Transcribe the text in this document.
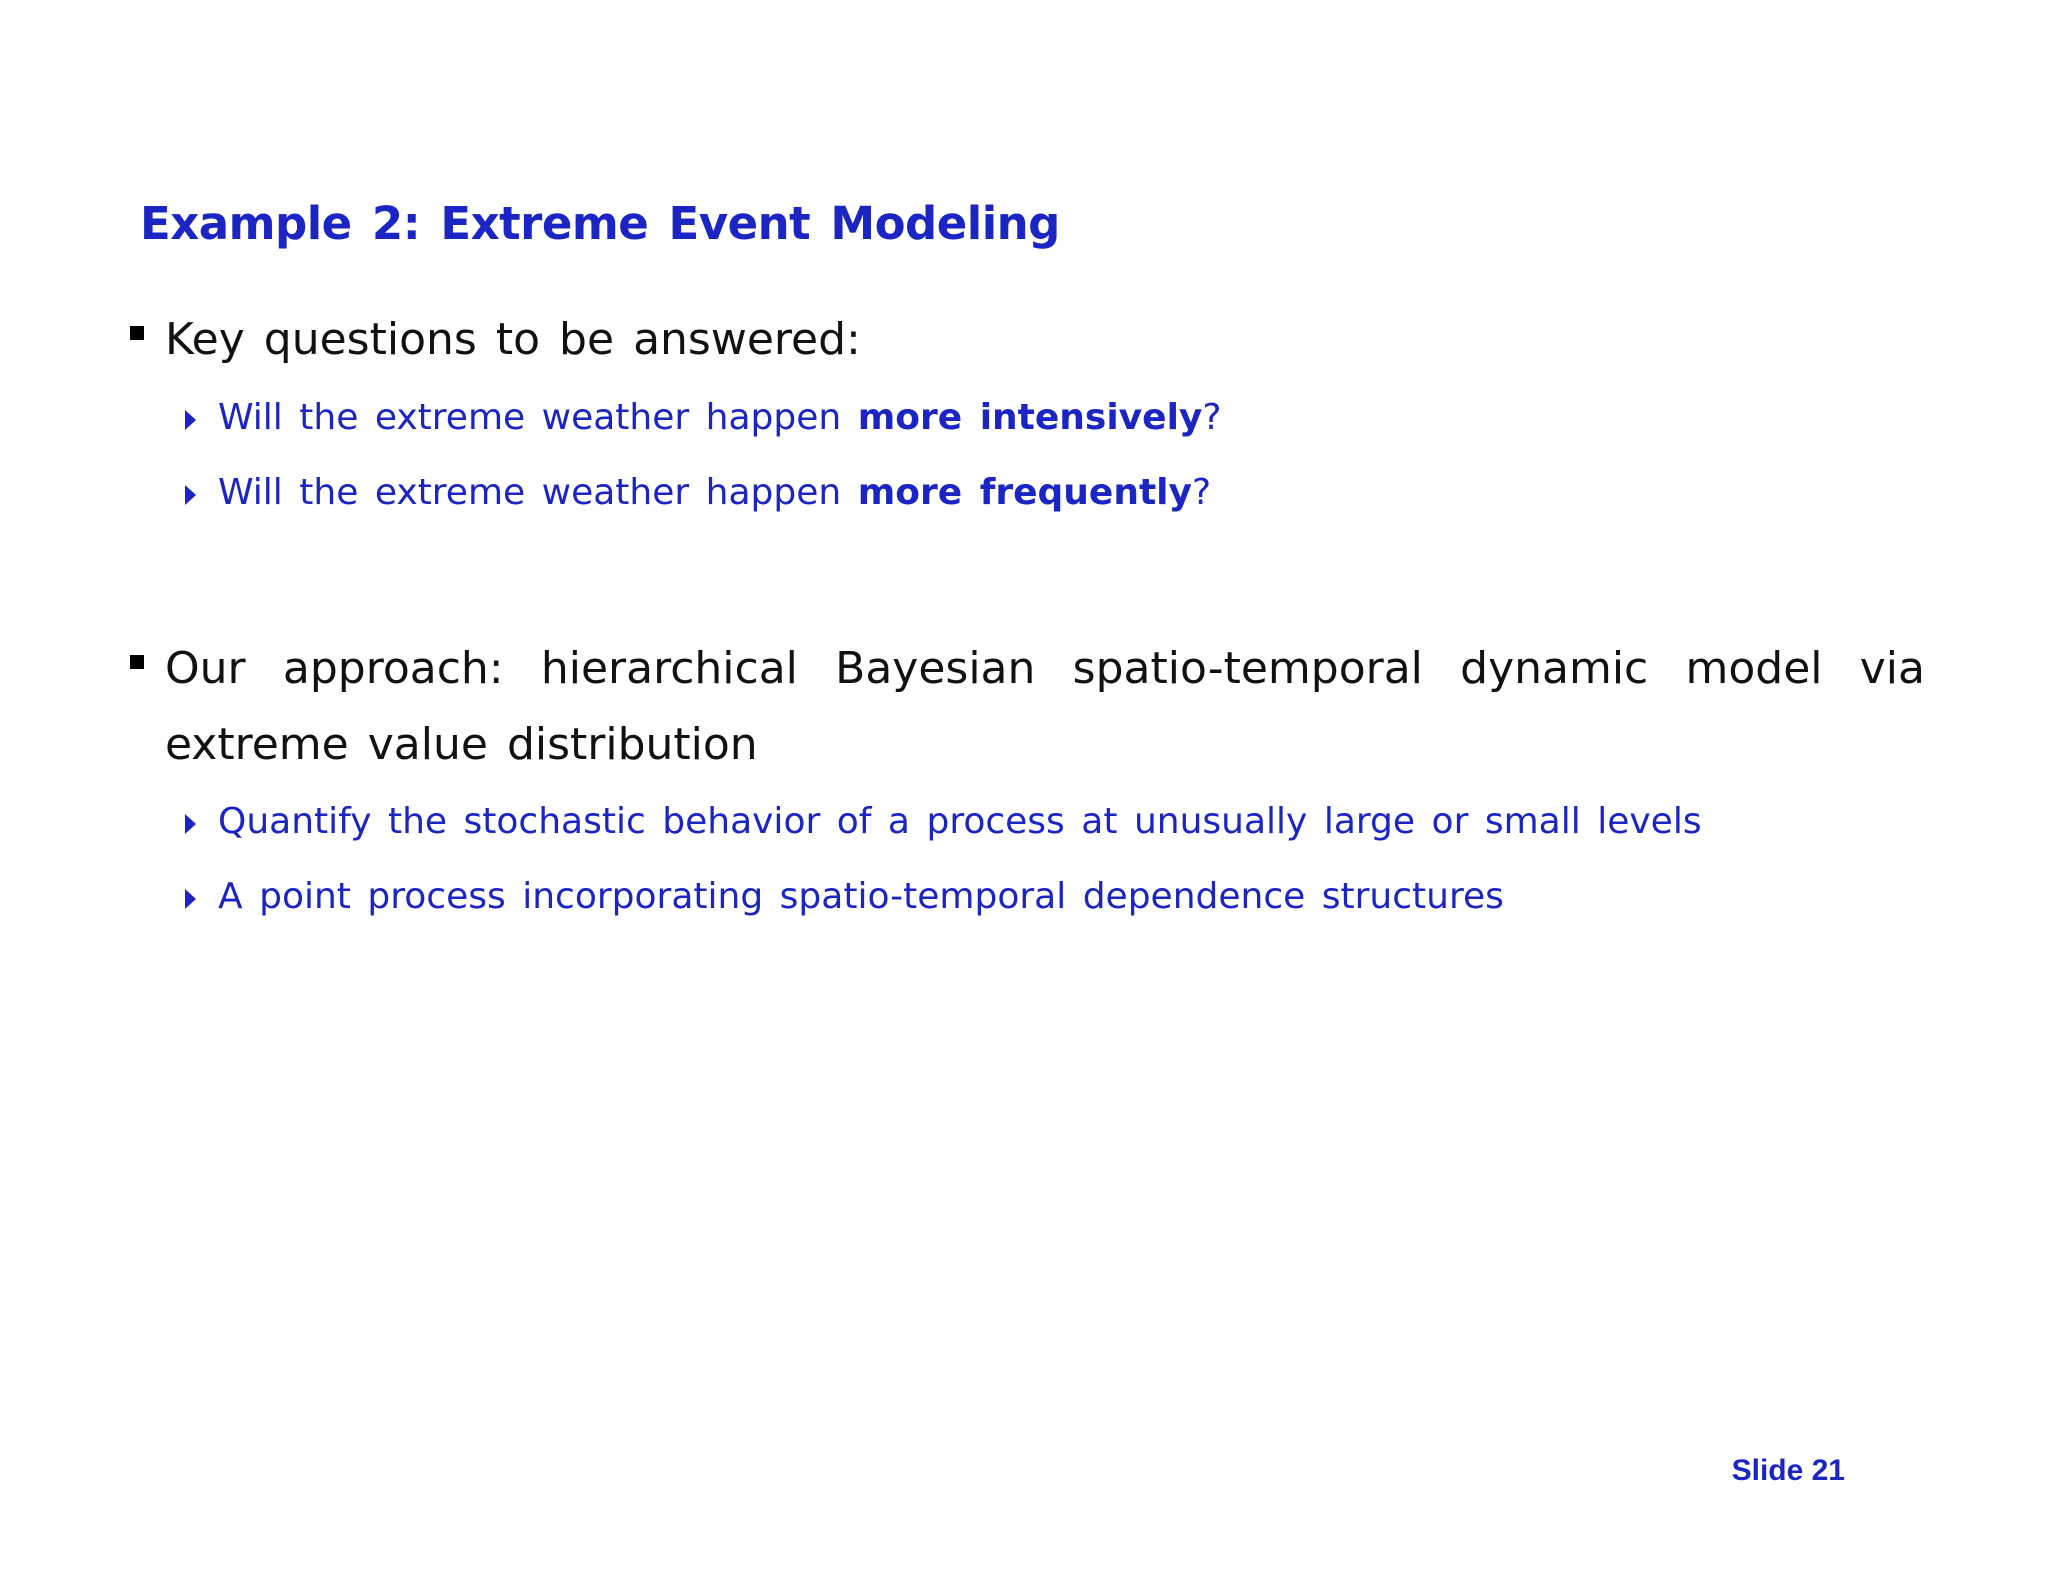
Example 2: Extreme Event Modeling
Key questions to be answered:
Will the extreme weather happen more intensively?
Will the extreme weather happen more frequently?
Our approach: hierarchical Bayesian spatio-temporal dynamic model via extreme value distribution
Quantify the stochastic behavior of a process at unusually large or small levels
A point process incorporating spatio-temporal dependence structures
Slide 21
